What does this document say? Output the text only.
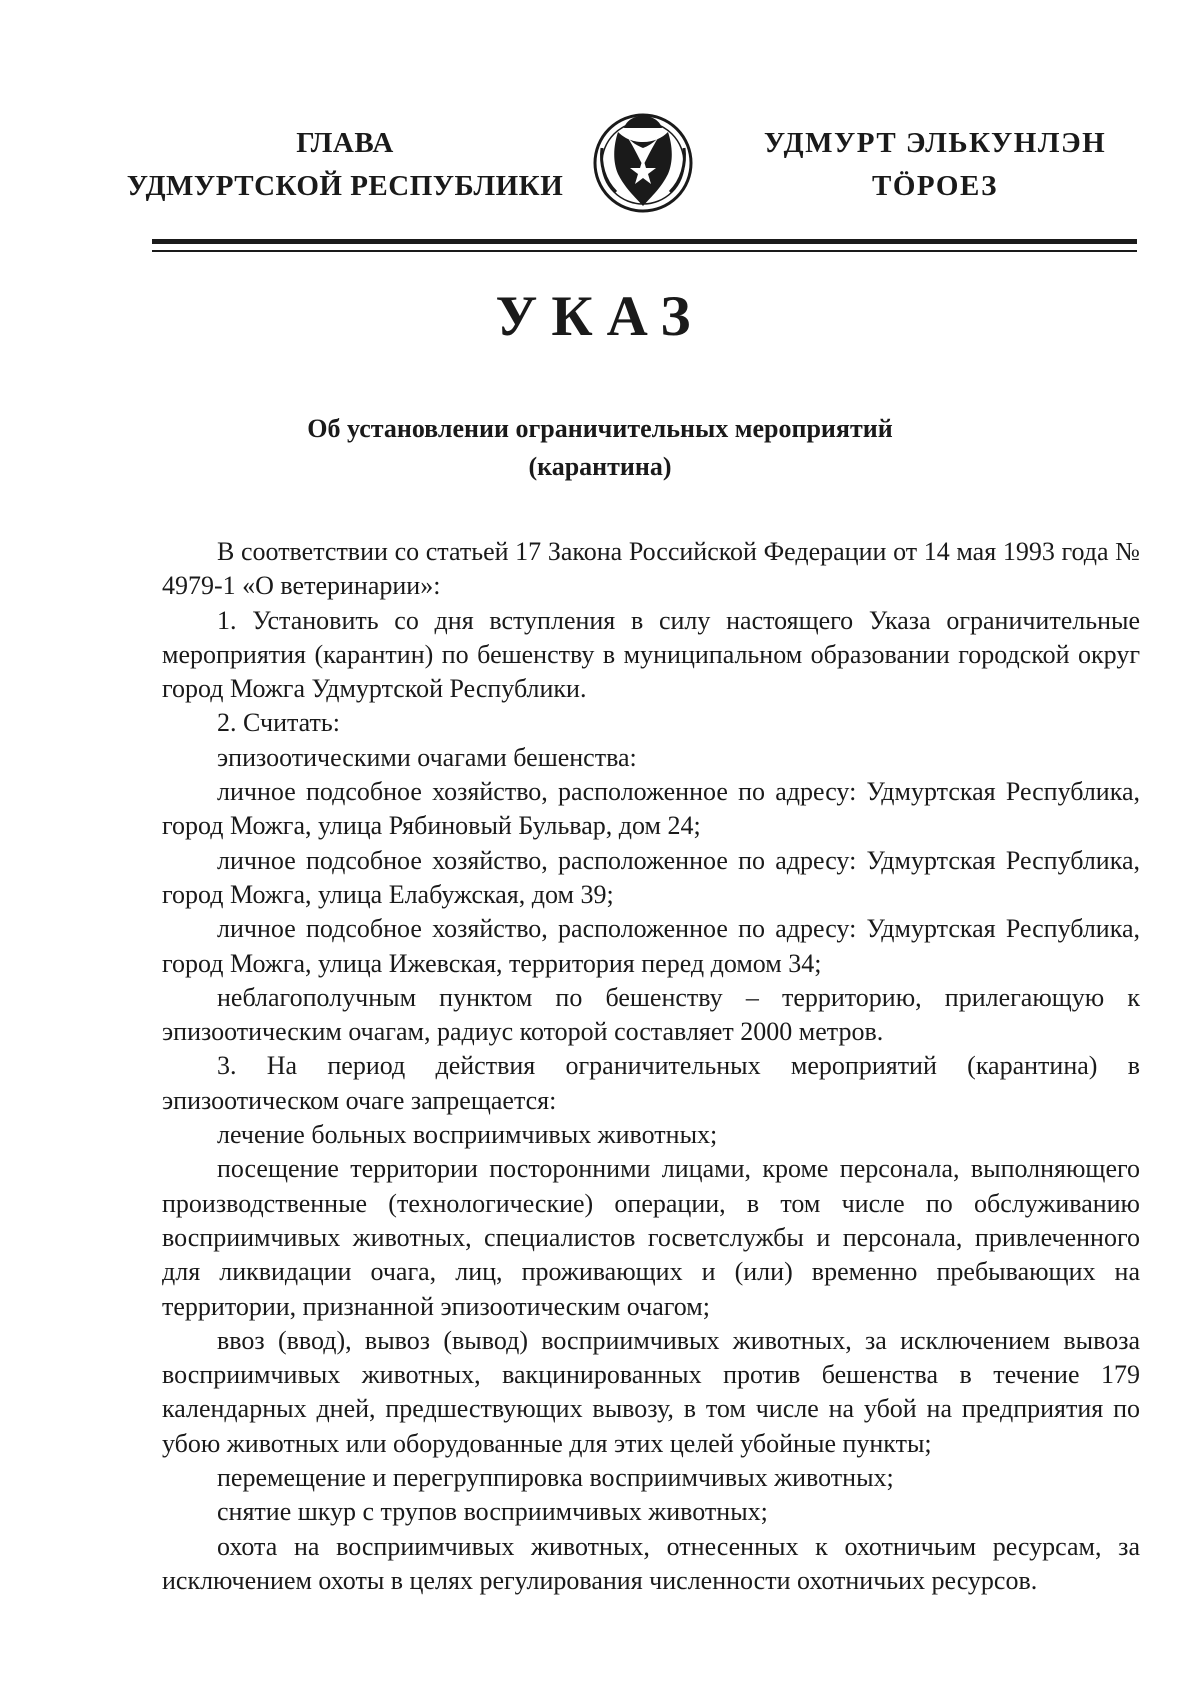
ГЛАВА
УДМУРТСКОЙ РЕСПУБЛИКИ
УДМУРТ ЭЛЬКУНЛЭН
ТӦРОЕЗ
УКАЗ
Об установлении ограничительных мероприятий
(карантина)

В соответствии со статьей 17 Закона Российской Федерации от 14 мая 1993 года № 4979-1 «О ветеринарии»:

1. Установить со дня вступления в силу настоящего Указа ограничительные мероприятия (карантин) по бешенству в муниципальном образовании городской округ город Можга Удмуртской Республики.

2. Считать:

эпизоотическими очагами бешенства:

личное подсобное хозяйство, расположенное по адресу: Удмуртская Республика, город Можга, улица Рябиновый Бульвар, дом 24;

личное подсобное хозяйство, расположенное по адресу: Удмуртская Республика, город Можга, улица Елабужская, дом 39;

личное подсобное хозяйство, расположенное по адресу: Удмуртская Республика, город Можга, улица Ижевская, территория перед домом 34;

неблагополучным пунктом по бешенству – территорию, прилегающую к эпизоотическим очагам, радиус которой составляет 2000 метров.

3. На период действия ограничительных мероприятий (карантина) в эпизоотическом очаге запрещается:

лечение больных восприимчивых животных;

посещение территории посторонними лицами, кроме персонала, выполняющего производственные (технологические) операции, в том числе по обслуживанию восприимчивых животных, специалистов госветслужбы и персонала, привлеченного для ликвидации очага, лиц, проживающих и (или) временно пребывающих на территории, признанной эпизоотическим очагом;

ввоз (ввод), вывоз (вывод) восприимчивых животных, за исключением вывоза восприимчивых животных, вакцинированных против бешенства в течение 179 календарных дней, предшествующих вывозу, в том числе на убой на предприятия по убою животных или оборудованные для этих целей убойные пункты;

перемещение и перегруппировка восприимчивых животных;

снятие шкур с трупов восприимчивых животных;

охота на восприимчивых животных, отнесенных к охотничьим ресурсам, за исключением охоты в целях регулирования численности охотничьих ресурсов.
